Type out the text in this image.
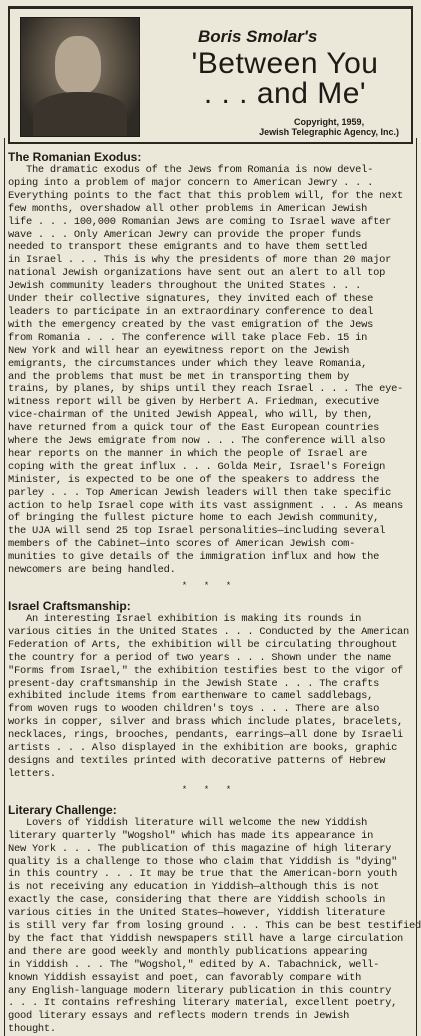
Boris Smolar's
'Between You
. . . and Me'
Copyright, 1959,
Jewish Telegraphic Agency, Inc.)
The Romanian Exodus:
The dramatic exodus of the Jews from Romania is now devel-
oping into a problem of major concern to American Jewry . . .
Everything points to the fact that this problem will, for the next
few months, overshadow all other problems in American Jewish
life . . . 100,000 Romanian Jews are coming to Israel wave after
wave . . . Only American Jewry can provide the proper funds
needed to transport these emigrants and to have them settled
in Israel . . . This is why the presidents of more than 20 major
national Jewish organizations have sent out an alert to all top
Jewish community leaders throughout the United States . . .
Under their collective signatures, they invited each of these
leaders to participate in an extraordinary conference to deal
with the emergency created by the vast emigration of the Jews
from Romania . . . The conference will take place Feb. 15 in
New York and will hear an eyewitness report on the Jewish
emigrants, the circumstances under which they leave Romania,
and the problems that must be met in transporting them by
trains, by planes, by ships until they reach Israel . . . The eye-
witness report will be given by Herbert A. Friedman, executive
vice-chairman of the United Jewish Appeal, who will, by then,
have returned from a quick tour of the East European countries
where the Jews emigrate from now . . . The conference will also
hear reports on the manner in which the people of Israel are
coping with the great influx . . . Golda Meir, Israel's Foreign
Minister, is expected to be one of the speakers to address the
parley . . . Top American Jewish leaders will then take specific
action to help Israel cope with its vast assignment . . . As means
of bringing the fullest picture home to each Jewish community,
the UJA will send 25 top Israel personalities—including several
members of the Cabinet—into scores of American Jewish com-
munities to give details of the immigration influx and how the
newcomers are being handled.
* * *
Israel Craftsmanship:
An interesting Israel exhibition is making its rounds in
various cities in the United States . . . Conducted by the American
Federation of Arts, the exhibition will be circulating throughout
the country for a period of two years . . . Shown under the name
"Forms from Israel," the exhibition testifies best to the vigor of
present-day craftsmanship in the Jewish State . . . The crafts
exhibited include items from earthenware to camel saddlebags,
from woven rugs to wooden children's toys . . . There are also
works in copper, silver and brass which include plates, bracelets,
necklaces, rings, brooches, pendants, earrings—all done by Israeli
artists . . . Also displayed in the exhibition are books, graphic
designs and textiles printed with decorative patterns of Hebrew
letters.
* * *
Literary Challenge:
Lovers of Yiddish literature will welcome the new Yiddish
literary quarterly "Wogshol" which has made its appearance in
New York . . . The publication of this magazine of high literary
quality is a challenge to those who claim that Yiddish is "dying"
in this country . . . It may be true that the American-born youth
is not receiving any education in Yiddish—although this is not
exactly the case, considering that there are Yiddish schools in
various cities in the United States—however, Yiddish literature
is still very far from losing ground . . . This can be best testified
by the fact that Yiddish newspapers still have a large circulation
and there are good weekly and monthly publications appearing
in Yiddish . . . The "Wogshol," edited by A. Tabachnick, well-
known Yiddish essayist and poet, can favorably compare with
any English-language modern literary publication in this country
. . . It contains refreshing literary material, excellent poetry,
good literary essays and reflects modern trends in Jewish
thought.
